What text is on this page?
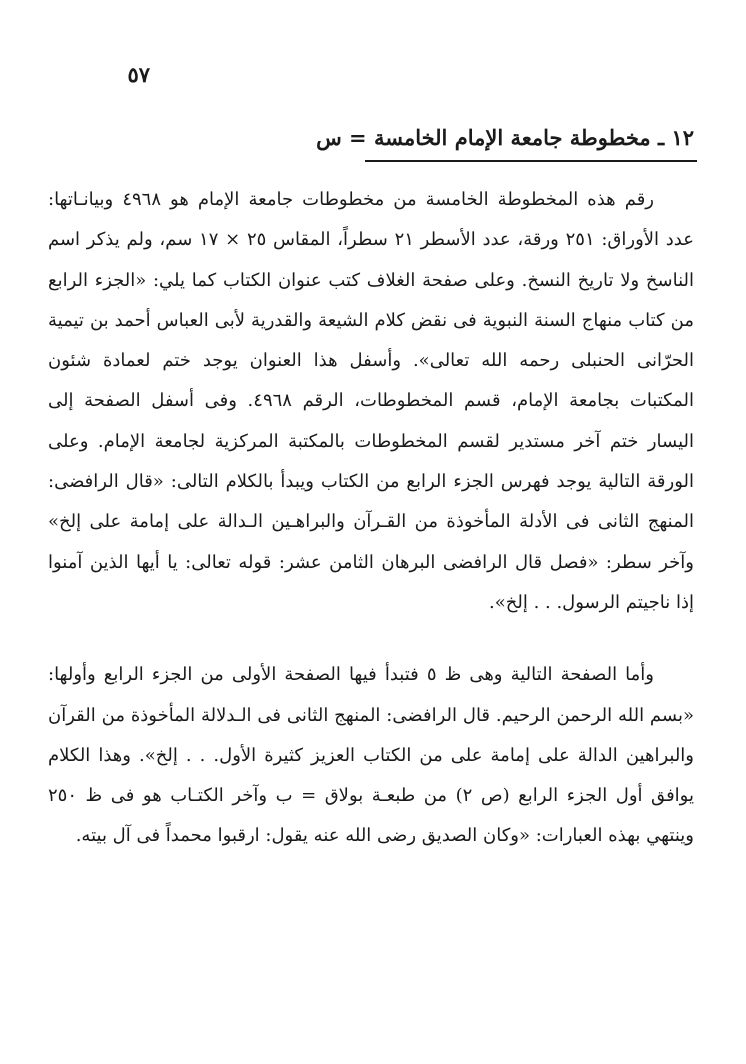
٥٧
١٢ ـ مخطوطة جامعة الإمام الخامسة = س

رقم هذه المخطوطة الخامسة من مخطوطات جامعة الإمام هو ٤٩٦٨ وبيانـاتها: عدد الأوراق: ٢٥١ ورقة، عدد الأسطر ٢١ سطراً، المقاس ٢٥ × ١٧ سم، ولم يذكر اسم الناسخ ولا تاريخ النسخ. وعلى صفحة الغلاف كتب عنوان الكتاب كما يلي: «الجزء الرابع من كتاب منهاج السنة النبوية فى نقض كلام الشيعة والقدرية لأبى العباس أحمد بن تيمية الحرّانى الحنبلى رحمه الله تعالى». وأسفل هذا العنوان يوجد ختم لعمادة شئون المكتبات بجامعة الإمام، قسم المخطوطات، الرقم ٤٩٦٨. وفى أسفل الصفحة إلى اليسار ختم آخر مستدير لقسم المخطوطات بالمكتبة المركزية لجامعة الإمام. وعلى الورقة التالية يوجد فهرس الجزء الرابع من الكتاب ويبدأ بالكلام التالى: «قال الرافضى: المنهج الثانى فى الأدلة المأخوذة من القـرآن والبراهـين الـدالة على إمامة على إلخ» وآخر سطر: «فصل قال الرافضى البرهان الثامن عشر: قوله تعالى: يا أيها الذين آمنوا إذا ناجيتم الرسول. . . إلخ».

وأما الصفحة التالية وهى ظ ٥ فتبدأ فيها الصفحة الأولى من الجزء الرابع وأولها: «بسم الله الرحمن الرحيم. قال الرافضى: المنهج الثانى فى الـدلالة المأخوذة من القرآن والبراهين الدالة على إمامة على من الكتاب العزيز كثيرة الأول. . . إلخ». وهذا الكلام يوافق أول الجزء الرابع (ص ٢) من طبعـة بولاق = ب وآخر الكتـاب هو فى ظ ٢٥٠ وينتهي بهذه العبارات: «وكان الصديق رضى الله عنه يقول: ارقبوا محمداً فى آل بيته.
